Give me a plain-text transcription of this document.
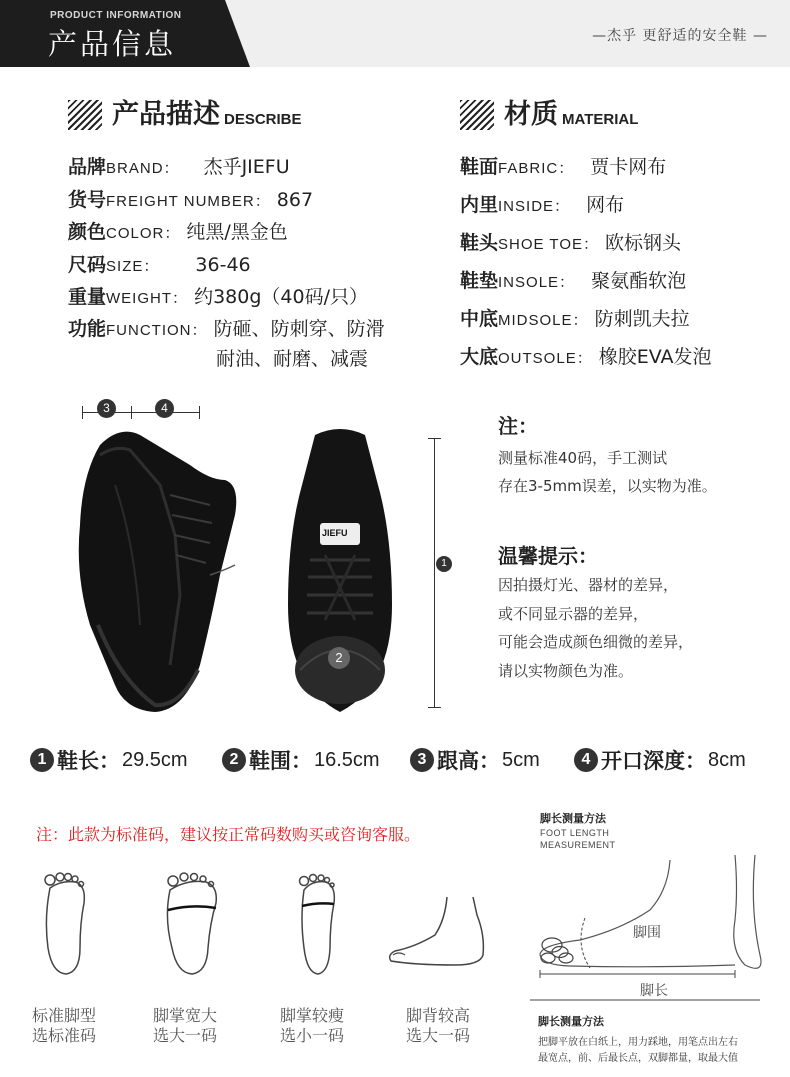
PRODUCT INFORMATION
产品信息	—杰乎 更舒适的安全鞋 —
产品描述 DESCRIBE
品牌BRAND： 杰乎JIEFU
货号FREIGHT NUMBER： 867
颜色COLOR： 纯黑/黑金色
尺码SIZE： 36-46
重量WEIGHT： 约380g（40码/只）
功能FUNCTION： 防砸、防刺穿、防滑
耐油、耐磨、减震
材质 MATERIAL
鞋面FABRIC： 贾卡网布
内里INSIDE： 网布
鞋头SHOE TOE： 欧标钢头
鞋垫INSOLE： 聚氨酯软泡
中底MIDSOLE： 防刺凯夫拉
大底OUTSOLE： 橡胶EVA发泡
3	4
JIEFU
2
1
注：
测量标准40码，手工测试
存在3-5mm误差，以实物为准。
温馨提示：
因拍摄灯光、器材的差异，
或不同显示器的差异，
可能会造成颜色细微的差异，
请以实物颜色为准。
1 鞋长： 29.5cm	2 鞋围： 16.5cm	3 跟高： 5cm	4 开口深度： 8cm
注：此款为标准码，建议按正常码数购买或咨询客服。
标准脚型
选标准码
脚掌宽大
选大一码
脚掌较瘦
选小一码
脚背较高
选大一码
脚长测量方法
FOOT LENGTH
MEASUREMENT
脚围
脚长
脚长测量方法
把脚平放在白纸上，用力踩地，用笔点出左右
最宽点，前、后最长点，双脚都量，取最大值
